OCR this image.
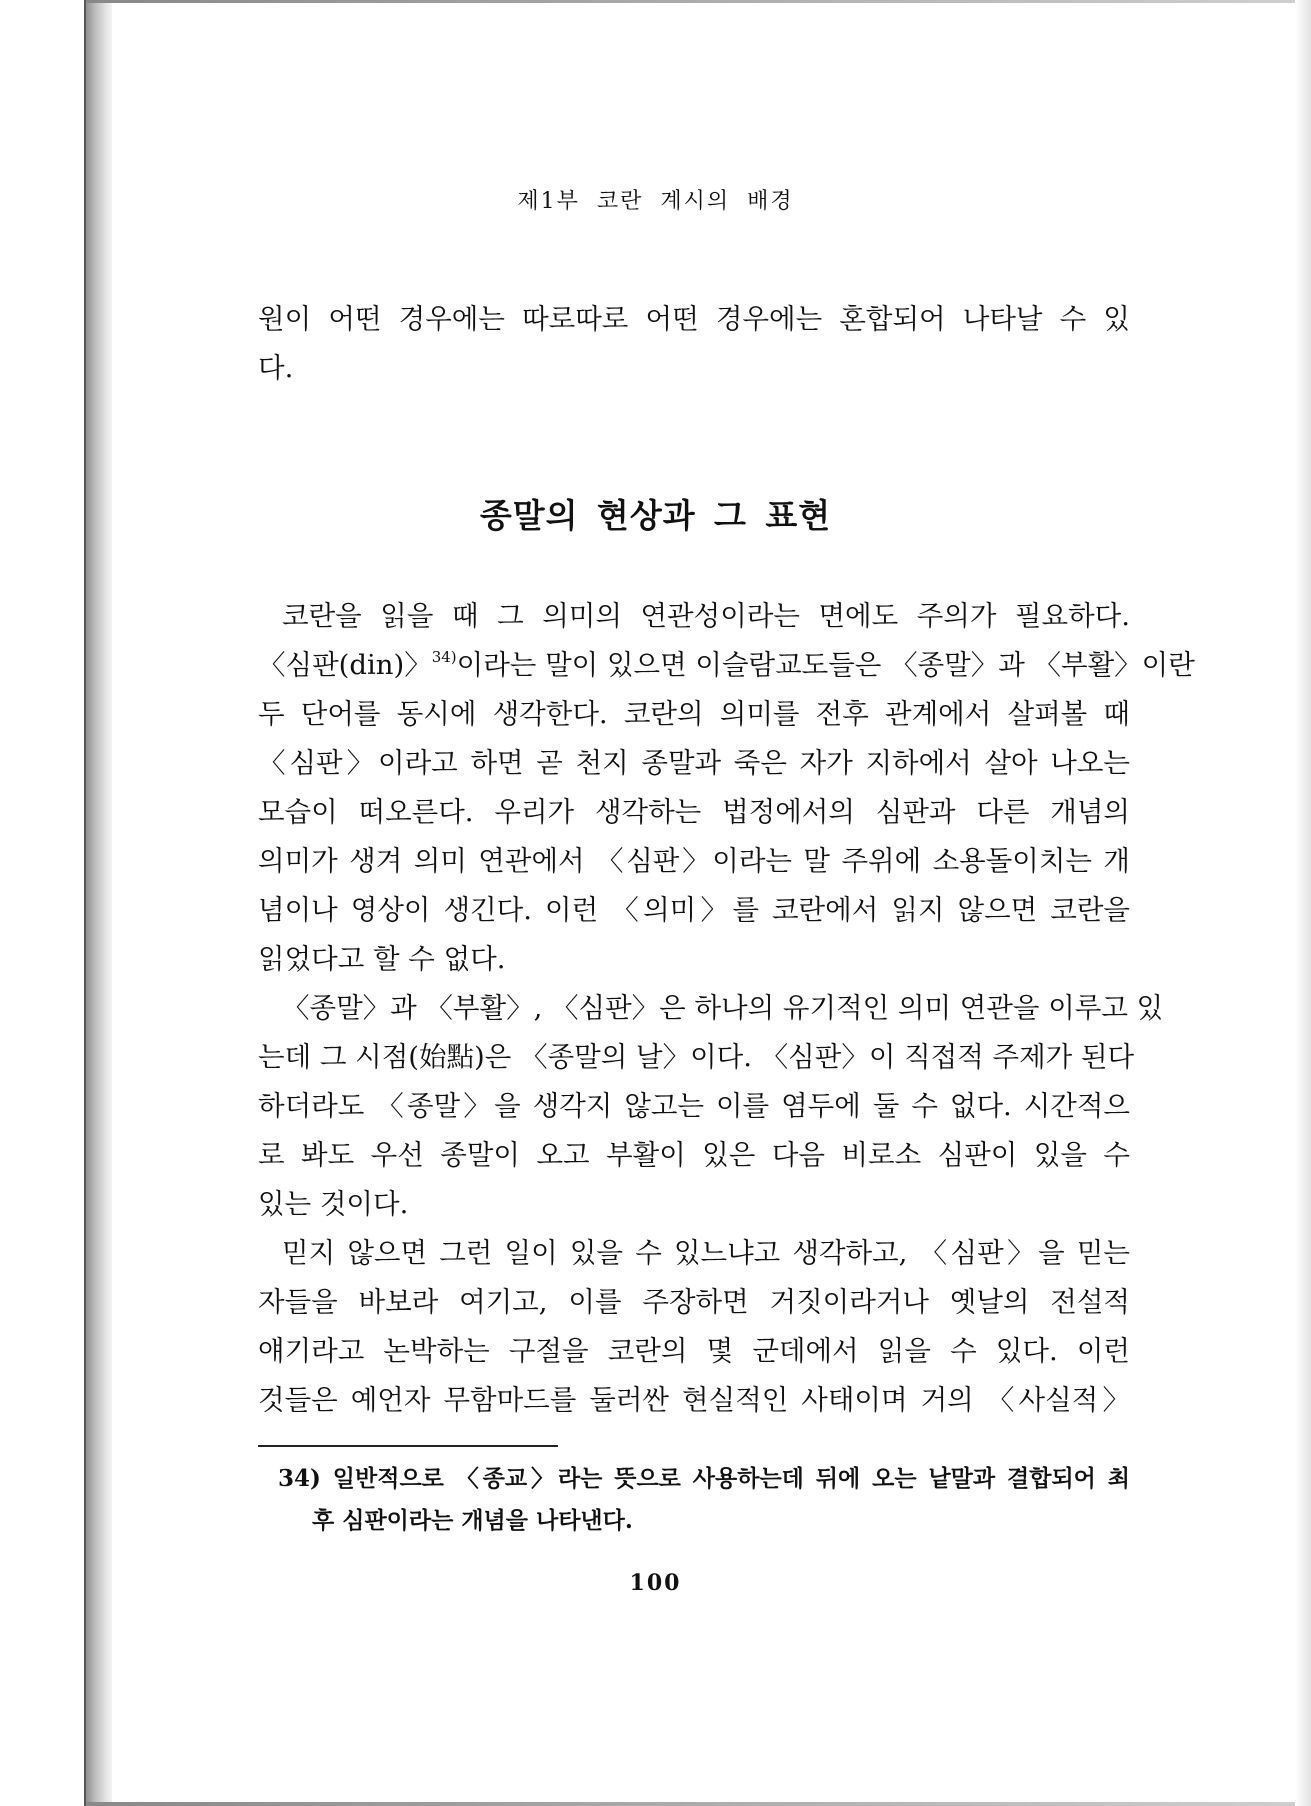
제1부 코란 계시의 배경
원이 어떤 경우에는 따로따로 어떤 경우에는 혼합되어 나타날 수 있
다.
종말의 현상과 그 표현
코란을 읽을 때 그 의미의 연관성이라는 면에도 주의가 필요하다.
〈심판(din)〉$^{34)}$이라는 말이 있으면 이슬람교도들은 〈종말〉과 〈부활〉이란
두 단어를 동시에 생각한다. 코란의 의미를 전후 관계에서 살펴볼 때
〈심판〉이라고 하면 곧 천지 종말과 죽은 자가 지하에서 살아 나오는
모습이 떠오른다. 우리가 생각하는 법정에서의 심판과 다른 개념의
의미가 생겨 의미 연관에서 〈심판〉이라는 말 주위에 소용돌이치는 개
념이나 영상이 생긴다. 이런 〈의미〉를 코란에서 읽지 않으면 코란을
읽었다고 할 수 없다.
〈종말〉과 〈부활〉, 〈심판〉은 하나의 유기적인 의미 연관을 이루고 있
는데 그 시점(始點)은 〈종말의 날〉이다. 〈심판〉이 직접적 주제가 된다
하더라도 〈종말〉을 생각지 않고는 이를 염두에 둘 수 없다. 시간적으
로 봐도 우선 종말이 오고 부활이 있은 다음 비로소 심판이 있을 수
있는 것이다.
믿지 않으면 그런 일이 있을 수 있느냐고 생각하고, 〈심판〉을 믿는
자들을 바보라 여기고, 이를 주장하면 거짓이라거나 옛날의 전설적
얘기라고 논박하는 구절을 코란의 몇 군데에서 읽을 수 있다. 이런
것들은 예언자 무함마드를 둘러싼 현실적인 사태이며 거의 〈사실적〉
34) 일반적으로 〈종교〉라는 뜻으로 사용하는데 뒤에 오는 낱말과 결합되어 최
후 심판이라는 개념을 나타낸다.
100
